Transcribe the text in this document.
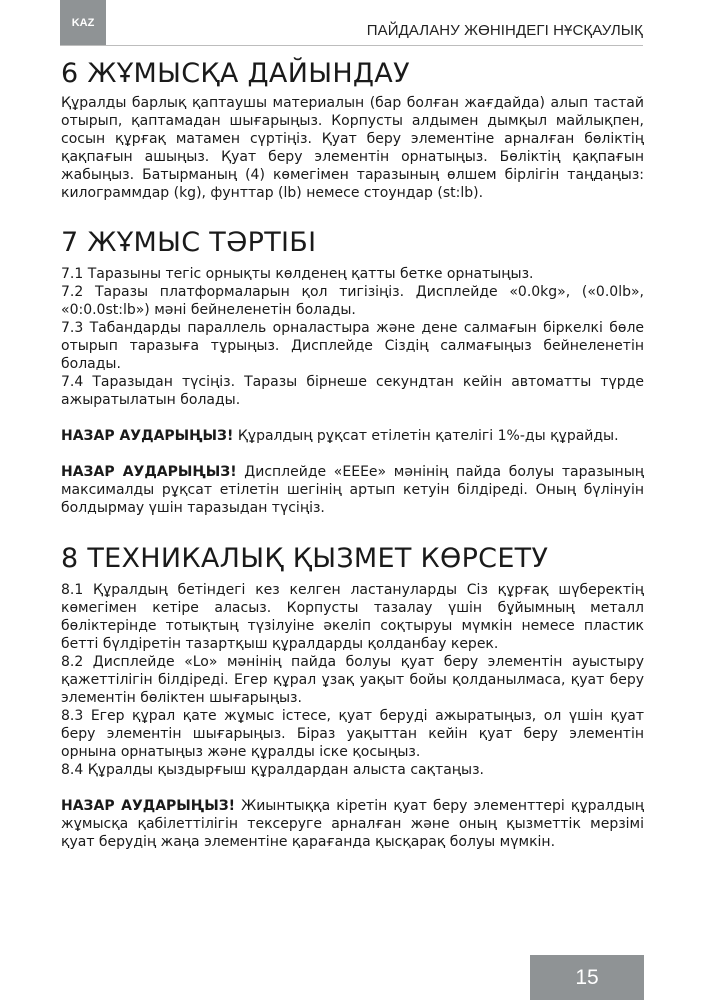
KAZ	ПАЙДАЛАНУ ЖӨНІНДЕГІ НҰСҚАУЛЫҚ
6 ЖҰМЫСҚА ДАЙЫНДАУ

Құралды барлық қаптаушы материалын (бар болған жағдайда) алып тастай отырып, қаптамадан шығарыңыз. Корпусты алдымен дымқыл майлықпен, сосын құрғақ матамен сүртіңіз. Қуат беру элементіне арналған бөліктің қақпағын ашыңыз. Қуат беру элементін орнатыңыз. Бөліктің қақпағын жабыңыз. Батырманың (4) көмегімен таразының өлшем бірлігін таңдаңыз: килограммдар (kg), фунттар (lb) немесе стоундар (st:lb).

7 ЖҰМЫС ТӘРТІБІ

7.1 Таразыны тегіс орнықты көлденең қатты бетке орнатыңыз.

7.2 Таразы платформаларын қол тигізіңіз. Дисплейде «0.0kg», («0.0lb», «0:0.0st:lb») мәні бейнеленетін болады.

7.3 Табандарды параллель орналастыра және дене салмағын біркелкі бөле отырып таразыға тұрыңыз. Дисплейде Сіздің салмағыңыз бейнеленетін болады.

7.4 Таразыдан түсіңіз. Таразы бірнеше секундтан кейін автоматты түрде ажыратылатын болады.

НАЗАР АУДАРЫҢЫЗ! Құралдың рұқсат етілетін қателігі 1%-ды құрайды.

НАЗАР АУДАРЫҢЫЗ! Дисплейде «ЕЕЕе» мәнінің пайда болуы таразының максималды рұқсат етілетін шегінің артып кетуін білдіреді. Оның бүлінуін болдырмау үшін таразыдан түсіңіз.

8 ТЕХНИКАЛЫҚ ҚЫЗМЕТ КӨРСЕТУ

8.1 Құралдың бетіндегі кез келген ластануларды Сіз құрғақ шүберектің көмегімен кетіре аласыз. Корпусты тазалау үшін бұйымның металл бөліктерінде тотықтың түзілуіне әкеліп соқтыруы мүмкін немесе пластик бетті бүлдіретін тазартқыш құралдарды қолданбау керек.

8.2 Дисплейде «Lo» мәнінің пайда болуы қуат беру элементін ауыстыру қажеттілігін білдіреді. Егер құрал ұзақ уақыт бойы қолданылмаса, қуат беру элементін бөліктен шығарыңыз.

8.3 Егер құрал қате жұмыс істесе, қуат беруді ажыратыңыз, ол үшін қуат беру элементін шығарыңыз. Біраз уақыттан кейін қуат беру элементін орнына орнатыңыз және құралды іске қосыңыз.

8.4 Құралды қыздырғыш құралдардан алыста сақтаңыз.

НАЗАР АУДАРЫҢЫЗ! Жиынтыққа кіретін қуат беру элементтері құралдың жұмысқа қабілеттілігін тексеруге арналған және оның қызметтік мерзімі қуат берудің жаңа элементіне қарағанда қысқарақ болуы мүмкін.

15
